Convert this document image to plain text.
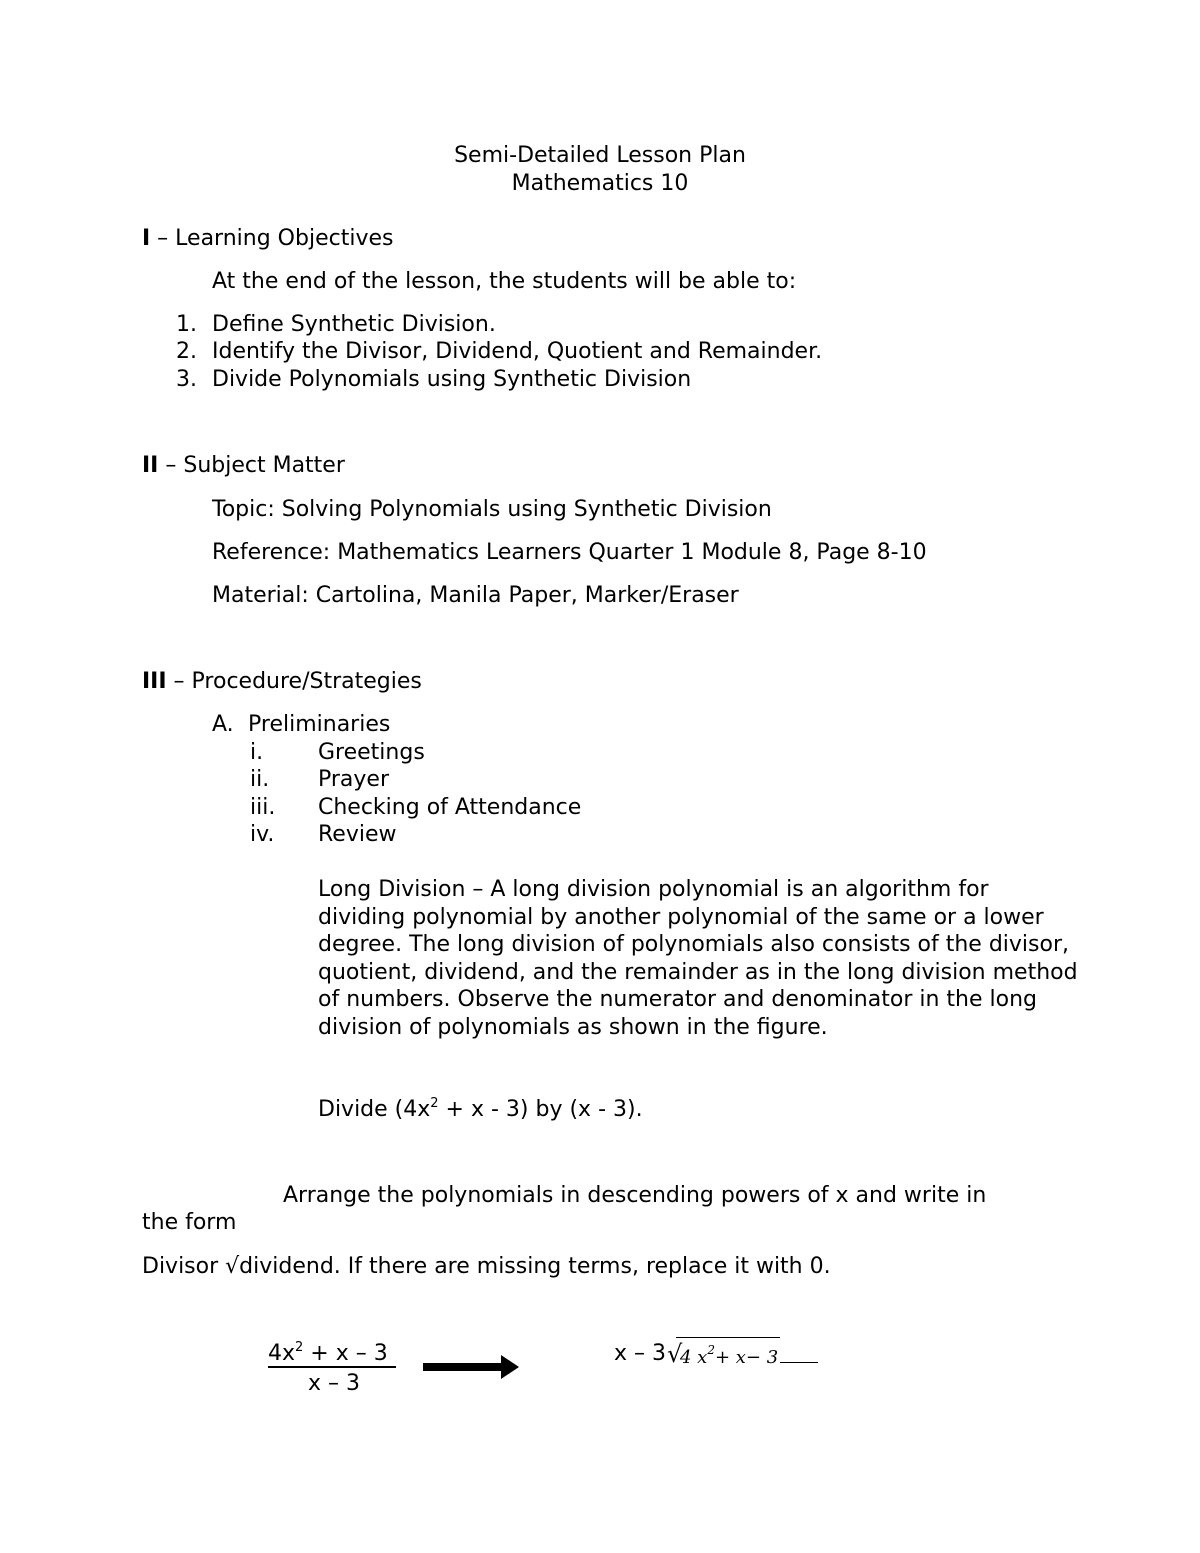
Semi-Detailed Lesson Plan
Mathematics 10
I – Learning Objectives
At the end of the lesson, the students will be able to:
1. Define Synthetic Division.
2. Identify the Divisor, Dividend, Quotient and Remainder.
3. Divide Polynomials using Synthetic Division
II – Subject Matter
Topic: Solving Polynomials using Synthetic Division
Reference: Mathematics Learners Quarter 1 Module 8, Page 8-10
Material: Cartolina, Manila Paper, Marker/Eraser
III – Procedure/Strategies
A. Preliminaries
i. Greetings
ii. Prayer
iii. Checking of Attendance
iv. Review
Long Division – A long division polynomial is an algorithm for dividing polynomial by another polynomial of the same or a lower degree. The long division of polynomials also consists of the divisor, quotient, dividend, and the remainder as in the long division method of numbers. Observe the numerator and denominator in the long division of polynomials as shown in the figure.
Divide $(4x^2 + x - 3)$ by (x - 3).
Arrange the polynomials in descending powers of x and write in
the form
Divisor √dividend. If there are missing terms, replace it with 0.
$4x^2 + x - 3$
x – 3
x – 3 √
4 $x^2+ x- 3$
